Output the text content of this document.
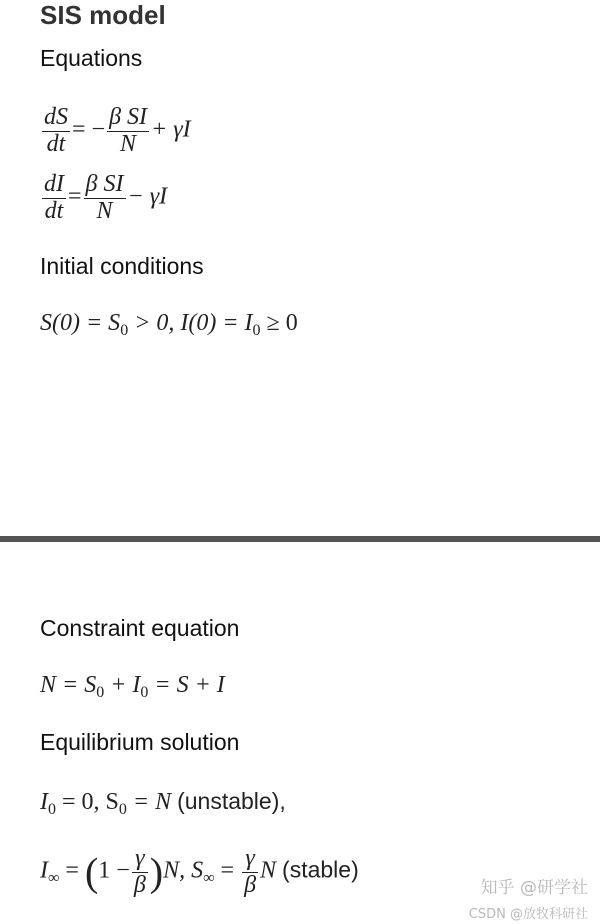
SIS model
Equations
$\frac{dS}{dt}$ = − $\frac{\text{β SI}}{N} + \gamma I$
$\frac{dI}{dt} = \frac{\text{β SI}}{N} - \gamma I$
Initial conditions
$S(0) = S_0 > 0$, $I(0) = I_0 \ge 0$
Constraint equation
$N = S_0 + I_0 = S + I$
Equilibrium solution
$I_0 = 0$, $S_0 = N$ (unstable),
$I_\infty = (1 - \frac{\gamma}{\beta} )N$, $S_\infty = \frac{\gamma}{\beta}$ N (stable)
知乎 @研学社
CSDN @放牧科研社
